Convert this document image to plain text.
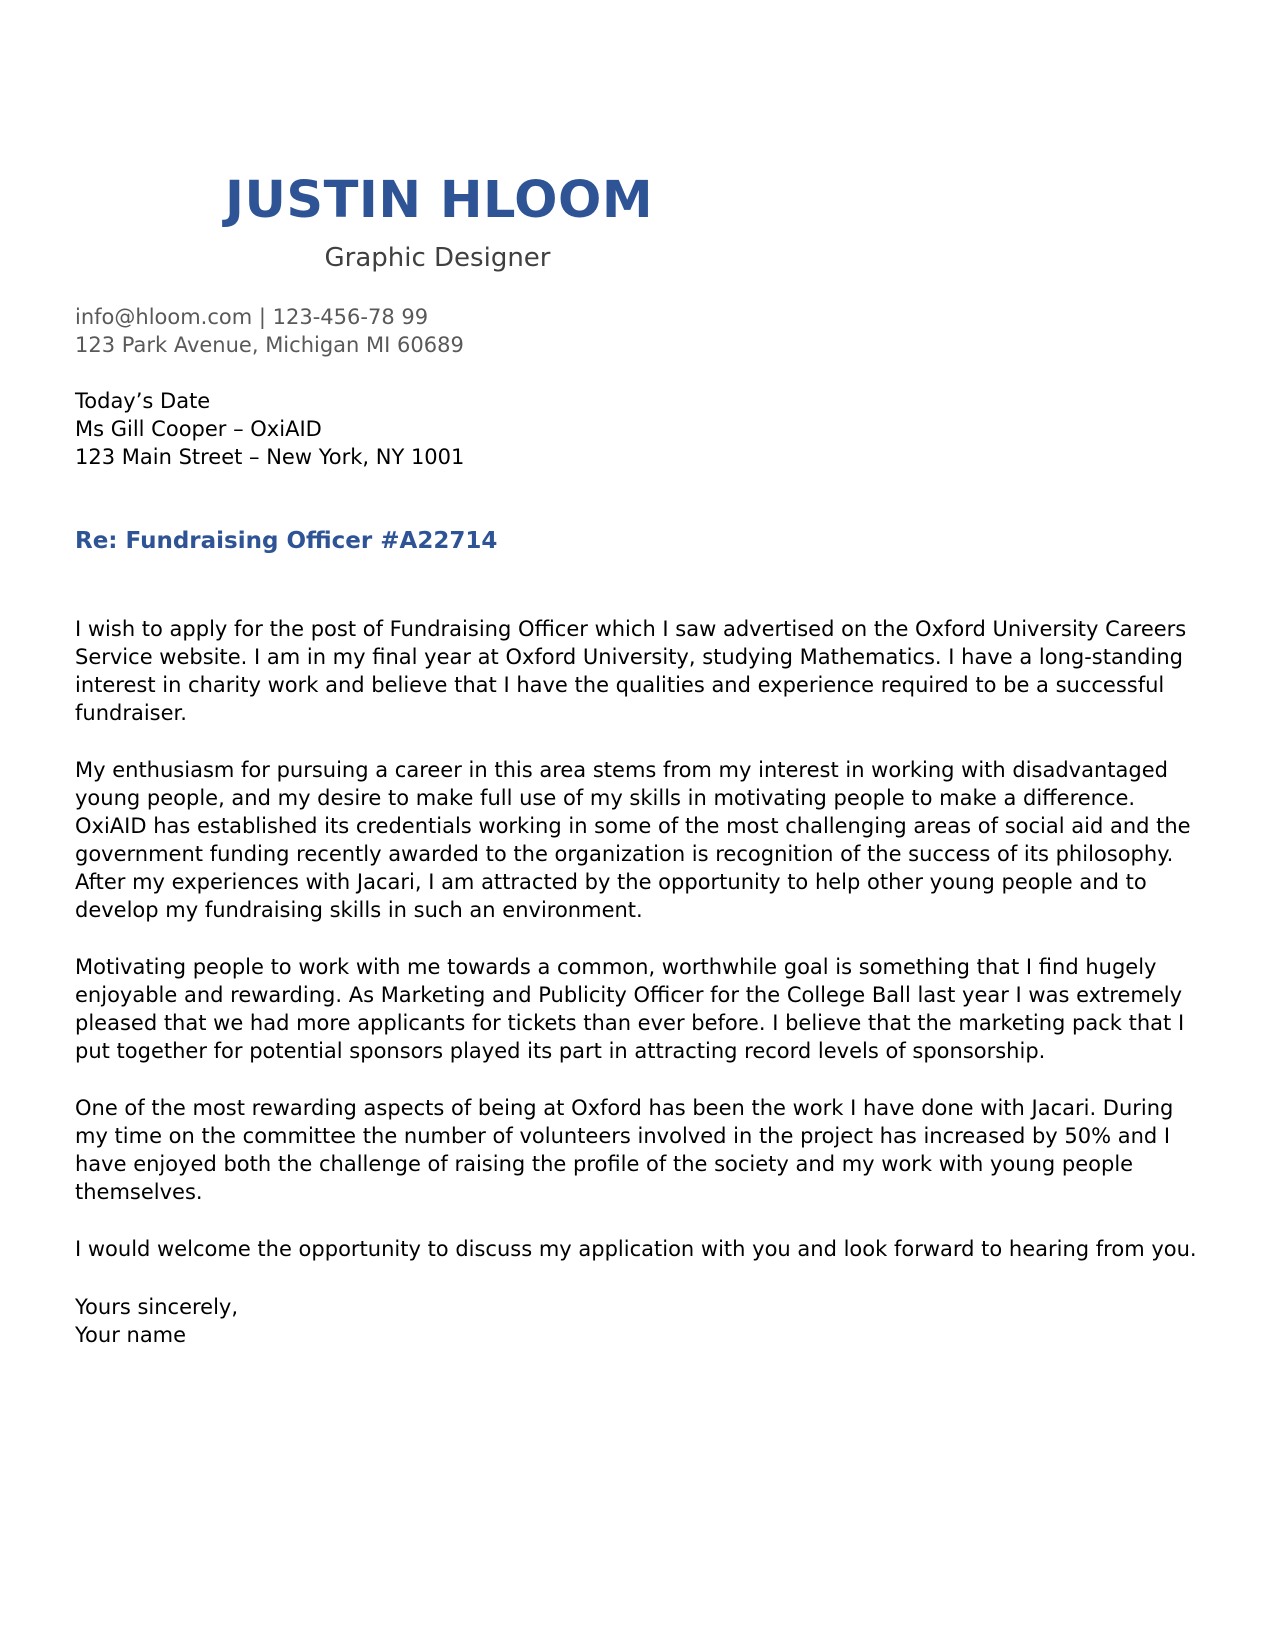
JUSTIN HLOOM
Graphic Designer
info@hloom.com | 123-456-78 99
123 Park Avenue, Michigan MI 60689
Today’s Date
Ms Gill Cooper – OxiAID
123 Main Street – New York, NY 1001
Re: Fundraising Officer #A22714

I wish to apply for the post of Fundraising Officer which I saw advertised on the Oxford University Careers Service website. I am in my final year at Oxford University, studying Mathematics. I have a long-standing interest in charity work and believe that I have the qualities and experience required to be a successful fundraiser.

My enthusiasm for pursuing a career in this area stems from my interest in working with disadvantaged young people, and my desire to make full use of my skills in motivating people to make a difference. OxiAID has established its credentials working in some of the most challenging areas of social aid and the government funding recently awarded to the organization is recognition of the success of its philosophy. After my experiences with Jacari, I am attracted by the opportunity to help other young people and to develop my fundraising skills in such an environment.

Motivating people to work with me towards a common, worthwhile goal is something that I find hugely enjoyable and rewarding. As Marketing and Publicity Officer for the College Ball last year I was extremely pleased that we had more applicants for tickets than ever before. I believe that the marketing pack that I put together for potential sponsors played its part in attracting record levels of sponsorship.

One of the most rewarding aspects of being at Oxford has been the work I have done with Jacari. During my time on the committee the number of volunteers involved in the project has increased by 50% and I have enjoyed both the challenge of raising the profile of the society and my work with young people themselves.

I would welcome the opportunity to discuss my application with you and look forward to hearing from you.

Yours sincerely,
Your name
